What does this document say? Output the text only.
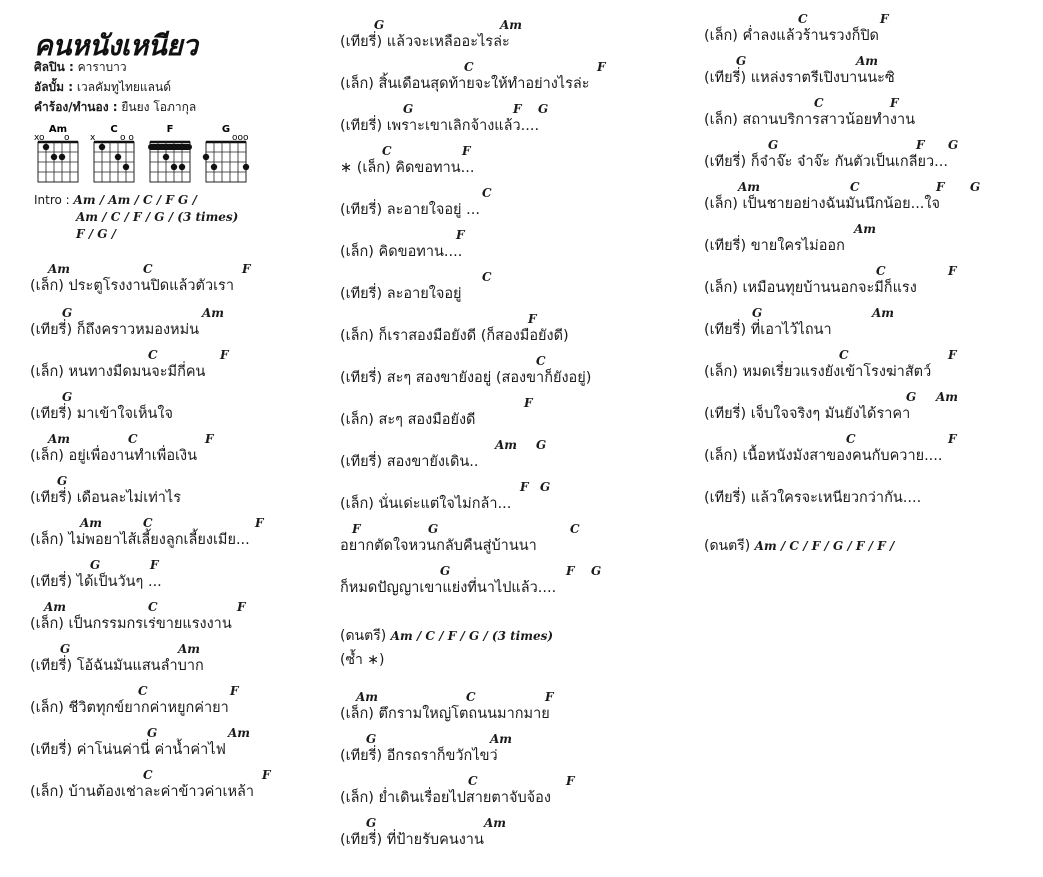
คนหนังเหนียว
ศิลปิน : คาราบาว
อัลบั้ม : เวลคัมทูไทยแลนด์
คำร้อง/ทำนอง : ยืนยง โอภากุล
Am
xo o
C
x	o o
F	G
ooo
Intro : Am / Am / C / F G /
Am / C / F / G / (3 times)
F / G /
Am	C	F
(เล็ก) ประตูโรงงานปิดแล้วตัวเรา
G	Am
(เทียรี่) ก็ถึงคราวหมองหม่น
C	F
(เล็ก) หนทางมืดมนจะมีกี่คน
G
(เทียรี่) มาเข้าใจเห็นใจ
Am	C	F
(เล็ก) อยู่เพื่องานทำเพื่อเงิน
G
(เทียรี่) เดือนละไม่เท่าไร
Am	C	F
(เล็ก) ไม่พอยาไส้เลี้ยงลูกเลี้ยงเมีย...
G	F
(เทียรี่) ได้เป็นวันๆ ...
Am	C	F
(เล็ก) เป็นกรรมกรเร่ขายแรงงาน
G	Am
(เทียรี่) โอ้ฉันมันแสนลำบาก
C	F
(เล็ก) ชีวิตทุกข์ยากค่าหยูกค่ายา
G	Am
(เทียรี่) ค่าโน่นค่านี่ ค่าน้ำค่าไฟ
C	F
(เล็ก) บ้านต้องเช่าละค่าข้าวค่าเหล้า
G	Am
(เทียรี่) แล้วจะเหลืออะไรล่ะ
C	F
(เล็ก) สิ้นเดือนสุดท้ายจะให้ทำอย่างไรล่ะ
G	F G
(เทียรี่) เพราะเขาเลิกจ้างแล้ว....
C	F
∗ (เล็ก) คิดขอทาน...
C
(เทียรี่) ละอายใจอยู่ ...
F
(เล็ก) คิดขอทาน....
C
(เทียรี่) ละอายใจอยู่
F
(เล็ก) ก็เราสองมือยังดี (ก็สองมือยังดี)
C
(เทียรี่) สะๆ สองขายังอยู่ (สองขาก็ยังอยู่)
F
(เล็ก) สะๆ สองมือยังดี
Am G
(เทียรี่) สองขายังเดิน..
F G
(เล็ก) นั่นเด่ะแต่ใจไม่กล้า...
F	G	C
อยากตัดใจหวนกลับคืนสู่บ้านนา
G	F G
ก็หมดปัญญาเขาแย่งที่นาไปแล้ว....
Am	C	F
(เล็ก) ตึกรามใหญ่โตถนนมากมาย
G	Am
(เทียรี่) อีกรถราก็ขวักไขว่
C	F
(เล็ก) ย่ำเดินเรื่อยไปสายตาจับจ้อง
G	Am
(เทียรี่) ที่ป้ายรับคนงาน
C	F
(เล็ก) ค่ำลงแล้วร้านรวงก็ปิด
G	Am
(เทียรี่) แหล่งราตรีเปิงบานนะซิ
C	F
(เล็ก) สถานบริการสาวน้อยทำงาน
G	F G
(เทียรี่) ก็จ๋าจ๊ะ จ๋าจ๊ะ กันตัวเป็นเกลียว...
Am	C	F G
(เล็ก) เป็นชายอย่างฉันมันนึกน้อย...ใจ
Am
(เทียรี่) ขายใครไม่ออก
C	F
(เล็ก) เหมือนทุยบ้านนอกจะมีก็แรง
G	Am
(เทียรี่) ที่เอาไว้ไถนา
C	F
(เล็ก) หมดเรี่ยวแรงยังเข้าโรงฆ่าสัตว์
G Am
(เทียรี่) เจ็บใจจริงๆ มันยังได้ราคา
C	F
(เล็ก) เนื้อหนังมังสาของคนกับควาย....
(เทียรี่) แล้วใครจะเหนียวกว่ากัน....
(ดนตรี) Am / C / F / G / (3 times)
(ซ้ำ ∗)
(ดนตรี) Am / C / F / G / F / F /
